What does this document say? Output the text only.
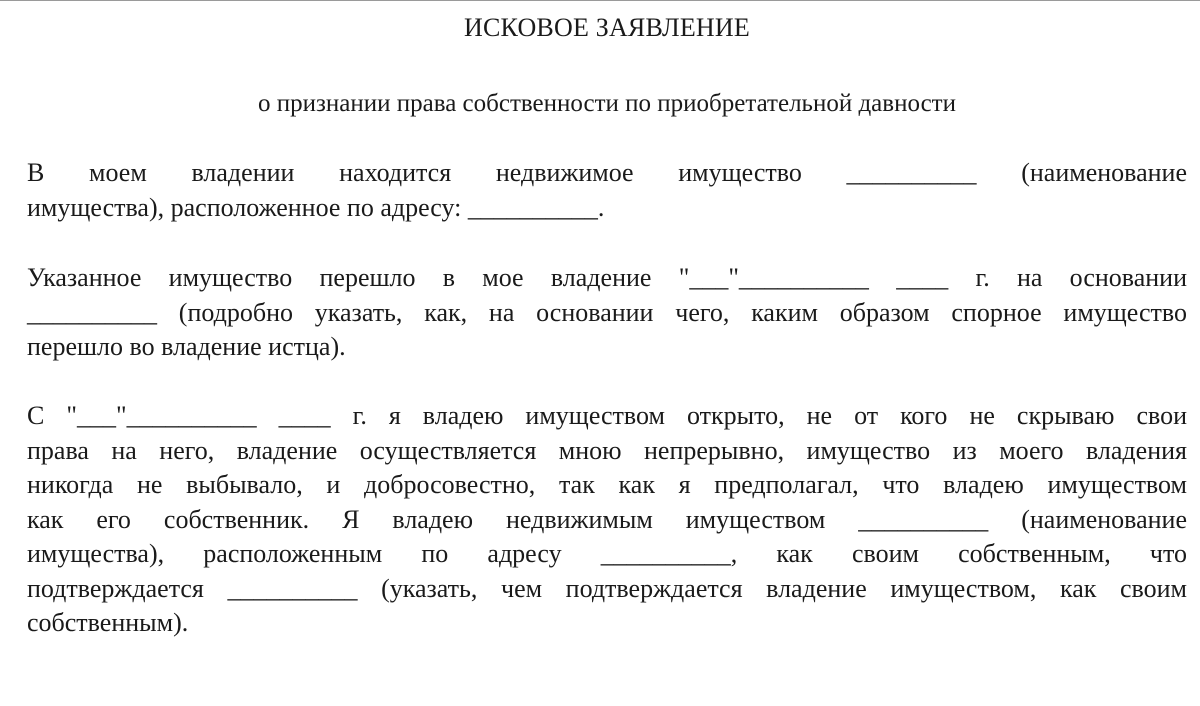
ИСКОВОЕ ЗАЯВЛЕНИЕ
о признании права собственности по приобретательной давности
В моем владении находится недвижимое имущество __________ (наименование
имущества), расположенное по адресу: __________.
Указанное имущество перешло в мое владение "___"__________ ____ г. на основании
__________ (подробно указать, как, на основании чего, каким образом спорное имущество
перешло во владение истца).
С "___"__________ ____ г. я владею имуществом открыто, не от кого не скрываю свои
права на него, владение осуществляется мною непрерывно, имущество из моего владения
никогда не выбывало, и добросовестно, так как я предполагал, что владею имуществом
как его собственник. Я владею недвижимым имуществом __________ (наименование
имущества), расположенным по адресу __________, как своим собственным, что
подтверждается __________ (указать, чем подтверждается владение имуществом, как своим
собственным).
